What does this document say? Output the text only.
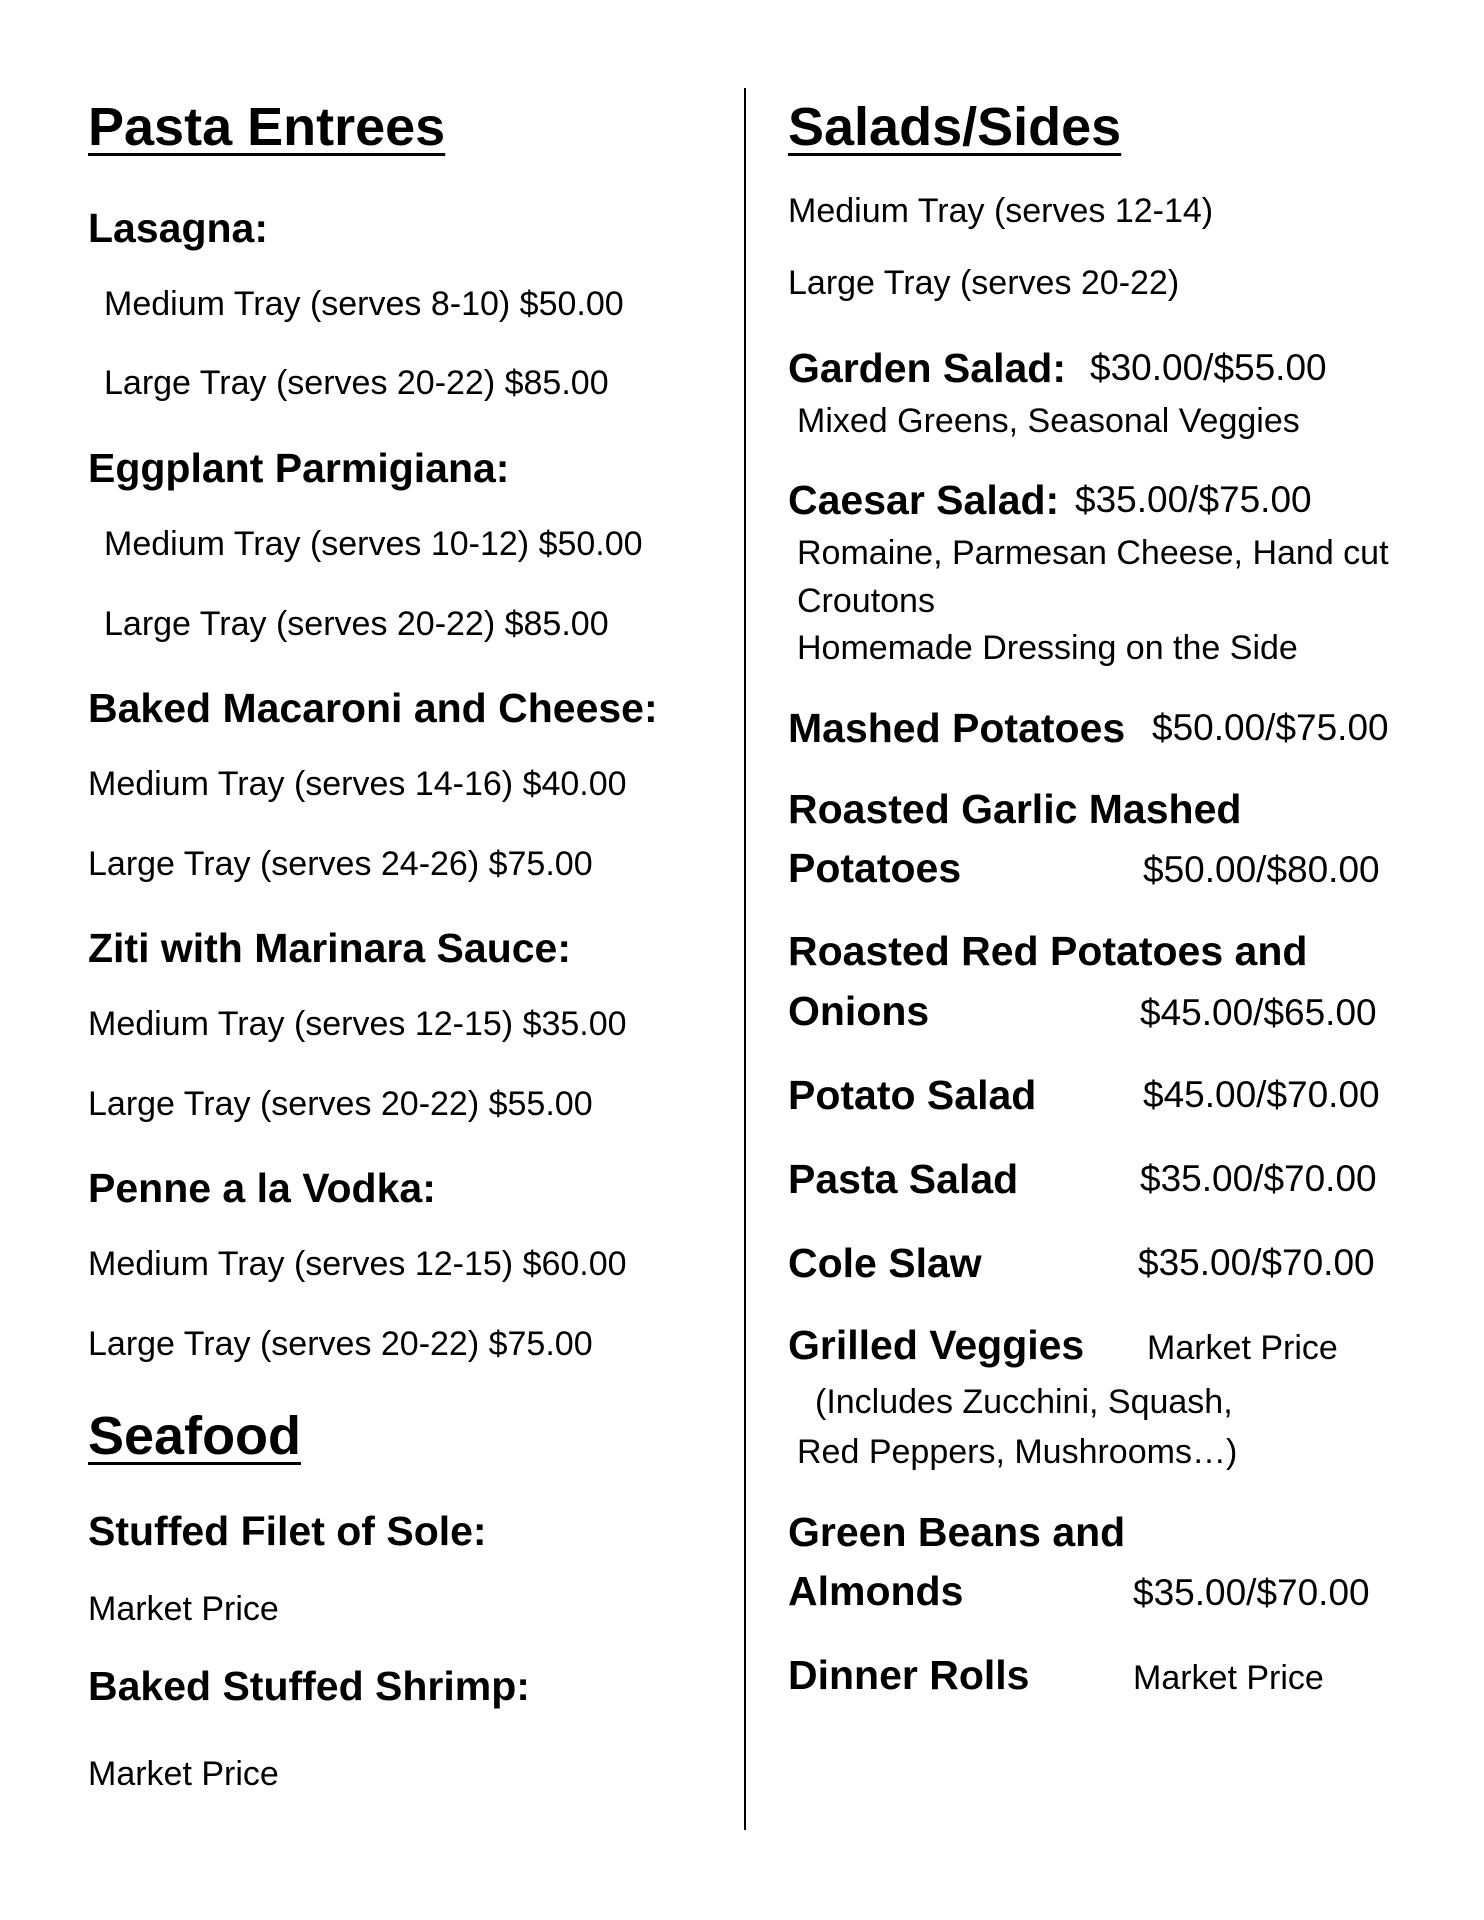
Pasta Entrees
Lasagna:
Medium Tray (serves 8-10) $50.00
Large Tray (serves 20-22) $85.00
Eggplant Parmigiana:
Medium Tray (serves 10-12) $50.00
Large Tray (serves 20-22) $85.00
Baked Macaroni and Cheese:
Medium Tray (serves 14-16) $40.00
Large Tray (serves 24-26) $75.00
Ziti with Marinara Sauce:
Medium Tray (serves 12-15) $35.00
Large Tray (serves 20-22) $55.00
Penne a la Vodka:
Medium Tray (serves 12-15) $60.00
Large Tray (serves 20-22) $75.00
Seafood
Stuffed Filet of Sole:
Market Price
Baked Stuffed Shrimp:
Market Price
Salads/Sides
Medium Tray (serves 12-14)
Large Tray (serves 20-22)
Garden Salad: $30.00/$55.00
Mixed Greens, Seasonal Veggies
Caesar Salad: $35.00/$75.00
Romaine, Parmesan Cheese, Hand cut
Croutons
Homemade Dressing on the Side
Mashed Potatoes $50.00/$75.00
Roasted Garlic Mashed
Potatoes	$50.00/$80.00
Roasted Red Potatoes and
Onions	$45.00/$65.00
Potato Salad	$45.00/$70.00
Pasta Salad	$35.00/$70.00
Cole Slaw	$35.00/$70.00
Grilled Veggies Market Price
(Includes Zucchini, Squash,
Red Peppers, Mushrooms…)
Green Beans and
Almonds	$35.00/$70.00
Dinner Rolls	Market Price
